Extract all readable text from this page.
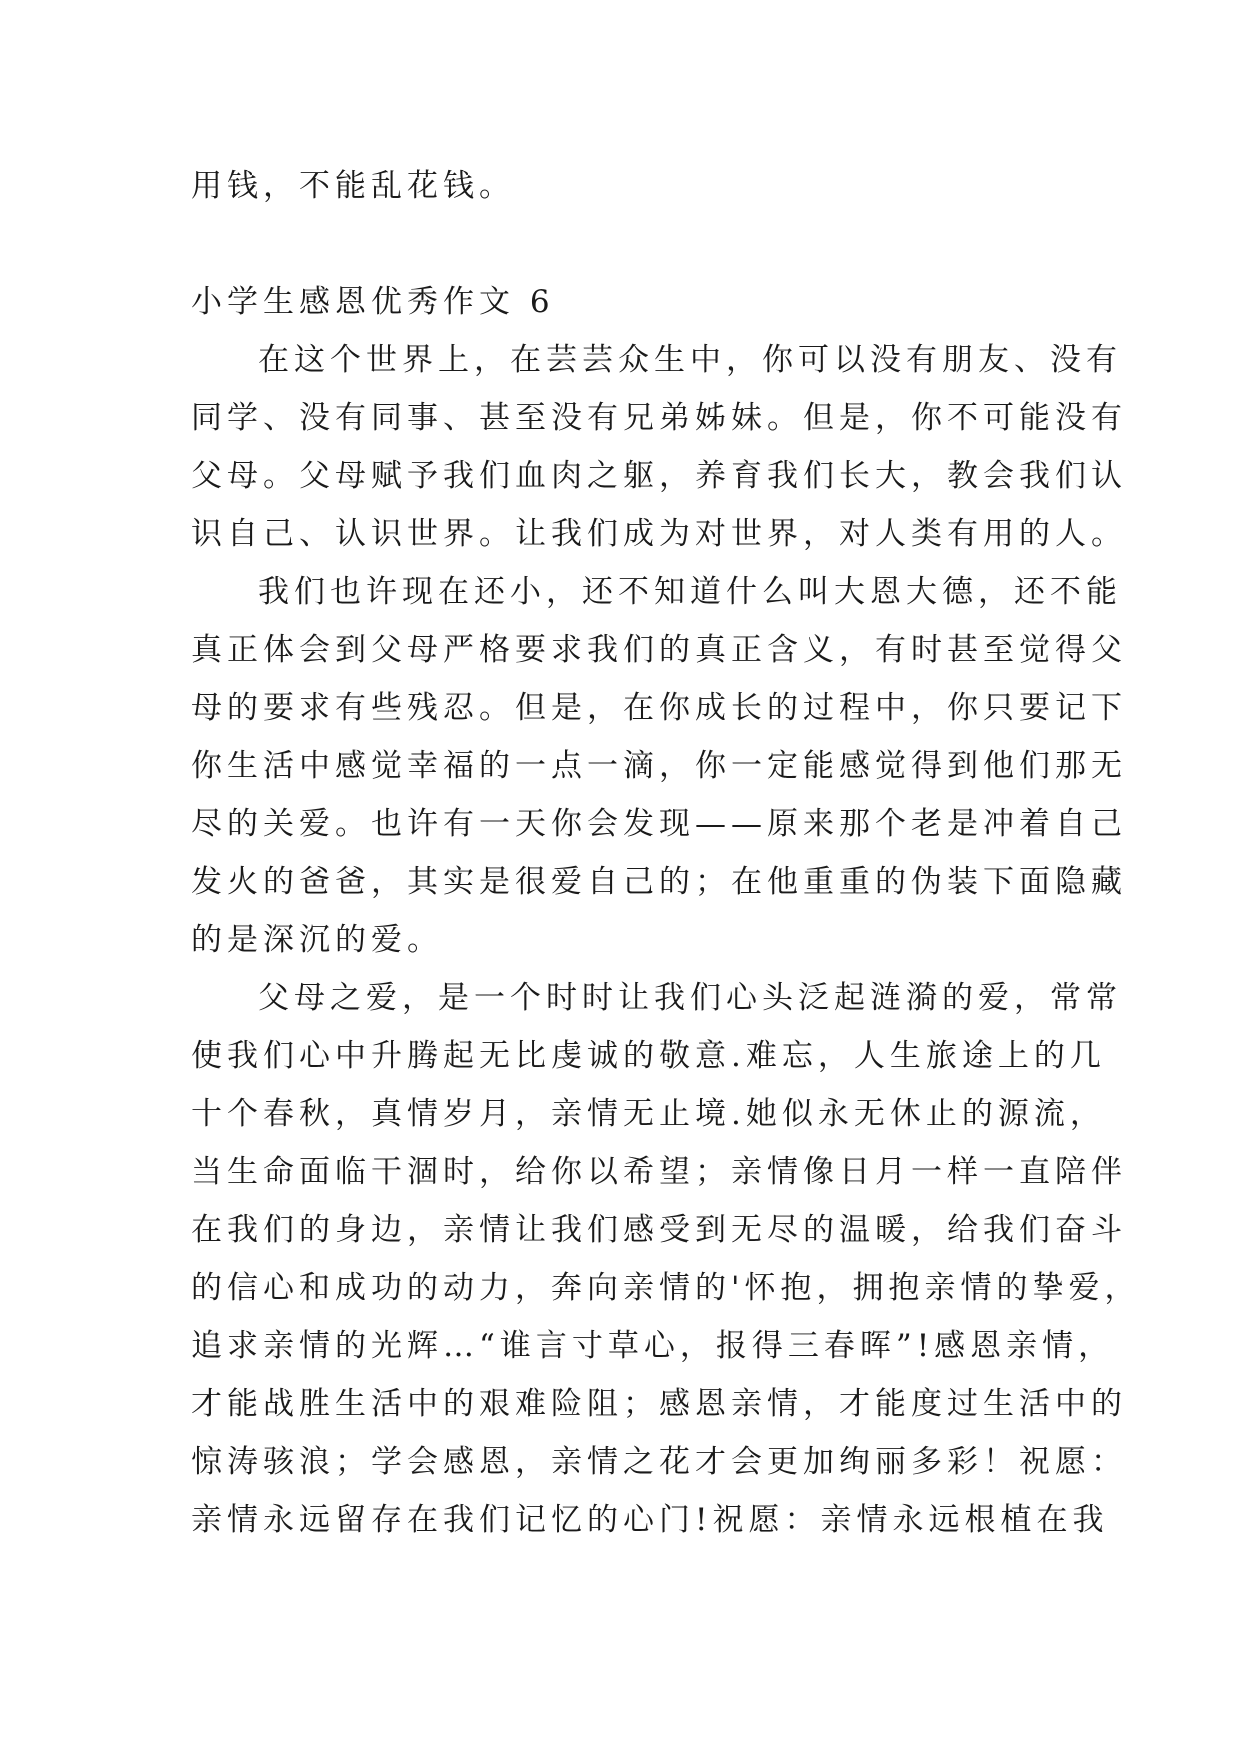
用钱，不能乱花钱。
小学生感恩优秀作文 6
在这个世界上，在芸芸众生中，你可以没有朋友、没有
同学、没有同事、甚至没有兄弟姊妹。但是，你不可能没有
父母。父母赋予我们血肉之躯，养育我们长大，教会我们认
识自己、认识世界。让我们成为对世界，对人类有用的人。
我们也许现在还小，还不知道什么叫大恩大德，还不能
真正体会到父母严格要求我们的真正含义，有时甚至觉得父
母的要求有些残忍。但是，在你成长的过程中，你只要记下
你生活中感觉幸福的一点一滴，你一定能感觉得到他们那无
尽的关爱。也许有一天你会发现——原来那个老是冲着自己
发火的爸爸，其实是很爱自己的；在他重重的伪装下面隐藏
的是深沉的爱。
父母之爱，是一个时时让我们心头泛起涟漪的爱，常常
使我们心中升腾起无比虔诚的敬意.难忘，人生旅途上的几
十个春秋，真情岁月，亲情无止境.她似永无休止的源流，
当生命面临干涸时，给你以希望；亲情像日月一样一直陪伴
在我们的身边，亲情让我们感受到无尽的温暖，给我们奋斗
的信心和成功的动力，奔向亲情的'怀抱，拥抱亲情的挚爱，
追求亲情的光辉…“谁言寸草心，报得三春晖”!感恩亲情，
才能战胜生活中的艰难险阻；感恩亲情，才能度过生活中的
惊涛骇浪；学会感恩，亲情之花才会更加绚丽多彩！祝愿：
亲情永远留存在我们记忆的心门!祝愿：亲情永远根植在我
